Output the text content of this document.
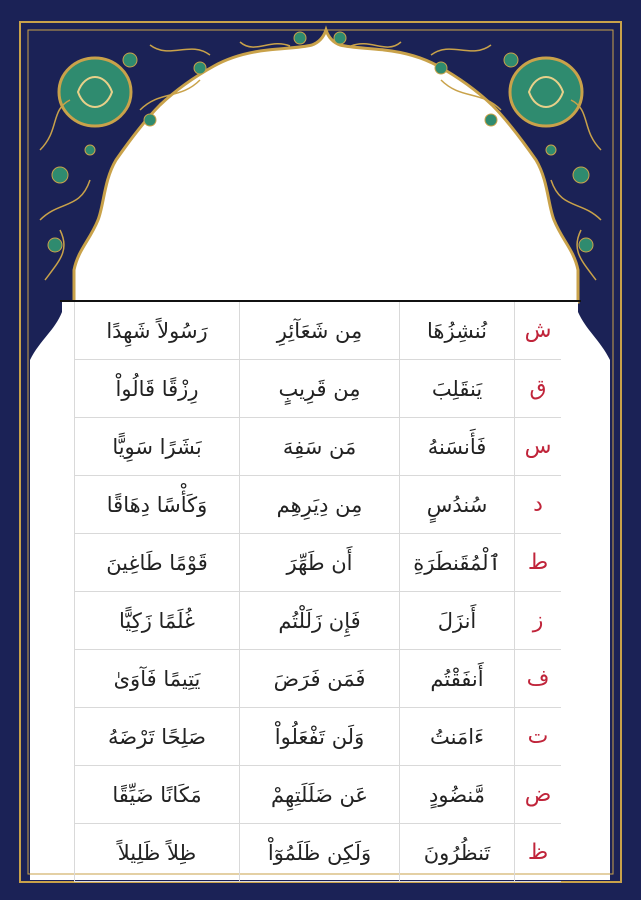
رَسُولاً شَهِدًا	مِن شَعَآئِرِ	نُنشِزُهَا	ش
رِزْقًا قَالُواْ	مِن قَرِيبٍ	يَنقَلِبَ	ق
بَشَرًا سَوِيًّا	مَن سَفِهَ	فَأَنسَنهُ	س
وَكَأْسًا دِهَاقًا	مِن دِيَرِهِم	سُندُسٍ	د
قَوْمًا طَاغِينَ	أَن طَهِّرَ	ٱلْمُقَنطَرَةِ	ط
غُلَمًا زَكِيًّا	فَإِن زَلَلْتُم	أَنزَلَ	ز
يَتِيمًا فَآوَىٰ	فَمَن فَرَضَ	أَنفَقْتُم	ف
صَلِحًا تَرْضَهُ	وَلَن تَفْعَلُواْ	ءَامَنتُ	ت
مَكَانًا ضَيِّقًا	عَن ضَلَلَتِهِمْ	مَّنضُودٍ	ض
ظِلاً ظَلِيلاً	وَلَكِن ظَلَمُوٓاْ	تَنظُرُونَ	ظ
